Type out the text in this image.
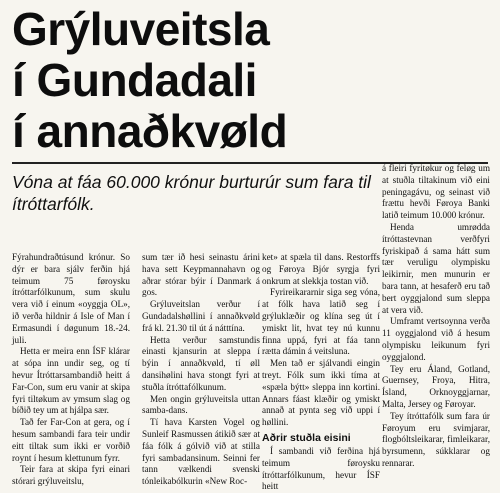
Grýluveitsla
í Gundadali
í annaðkvøld
Vóna at fáa 60.000 krónur burturúr sum fara til ítróttarfólk.

Fýrahundraðtúsund krónur. So dýr er bara sjálv ferðin hjá teimum 75 føroysku ítróttarfólkunum, sum skulu vera við í einum «oyggja OL», ið verða hildnir á Isle of Man í Ermasundi í døgunum 18.-24. juli.

Hetta er meira enn ÍSF klárar at sópa inn undir seg, og tí hevur Ítróttarsambandið heitt á Far-Con, sum eru vanir at skipa fyri tiltøkum av ymsum slag og bíðið tey um at hjálpa sær.

Tað fer Far-Con at gera, og í hesum sambandi fara teir undir eitt tiltak sum ikki er vorðið roynt í hesum klettunum fyrr.

Teir fara at skipa fyri einari stórari grýluveitslu,

sum tær ið hesi seinastu árini hava sett Keypmannahavn og aðrar stórar býir í Danmark á gos.

Grýluveitslan verður í Gundadalshøllini í annaðkvøld frá kl. 21.30 til út á nátttína.

Hetta verður samstundis einasti kjansurin at sleppa í býin í annaðkvøld, tí øll dansihølini hava stongt fyri at stuðla ítróttafólkunum.

Men ongin grýluveitsla uttan samba-dans.

Tí hava Karsten Vogel og Sunleif Rasmussen átikið sær at fáa fólk á gólvið við at stilla fyri sambadansinum. Seinni fer tann vælkendi svenski tónleikabólkurin «New Roc-

ket» at spæla til dans. Restorffs og Føroya Bjór syrgja fyri onkrum at slekkja tostan við.

Fyrireikararnir siga seg vóna, at fólk hava latið seg í grýluklæðir og klína seg út í ymiskt lit, hvat tey nú kunnu finna uppá, fyri at fáa tann rætta dámin á veitsluna.

Men tað er sjálvandi eingin treyt. Fólk sum ikki tíma at «spæla býtt» sleppa inn kortini. Annars fáast klæðir og ymiskt annað at pynta seg við uppi í høllini.

Aðrir stuðla eisini

Í sambandi við ferðina hjá teimum føroysku ítróttarfólkunum, hevur ÍSF heitt

á fleiri fyritøkur og feløg um at stuðla tiltakinum við eini peningagávu, og seinast við frættu hevði Føroya Banki latið teimum 10.000 krónur.

Henda umrødda ítróttastevnan verðfyri fyriskipað á sama hátt sum tær veruligu olympisku leikirnir, men munurin er bara tann, at hesaferð eru tað bert oyggjalond sum sleppa at vera við.

Umframt vertsoynna verða 11 oyggjalond við á hesum olympisku leikunum fyri oyggjalond.

Tey eru Áland, Gotland, Guernsey, Froya, Hitra, Ísland, Orknoyggjarnar, Malta, Jersey og Føroyar.

Tey ítróttafólk sum fara úr Føroyum eru svimjarar, flogbóltsleikarar, fimleikarar, byrsumenn, súkklarar og rennarar.
